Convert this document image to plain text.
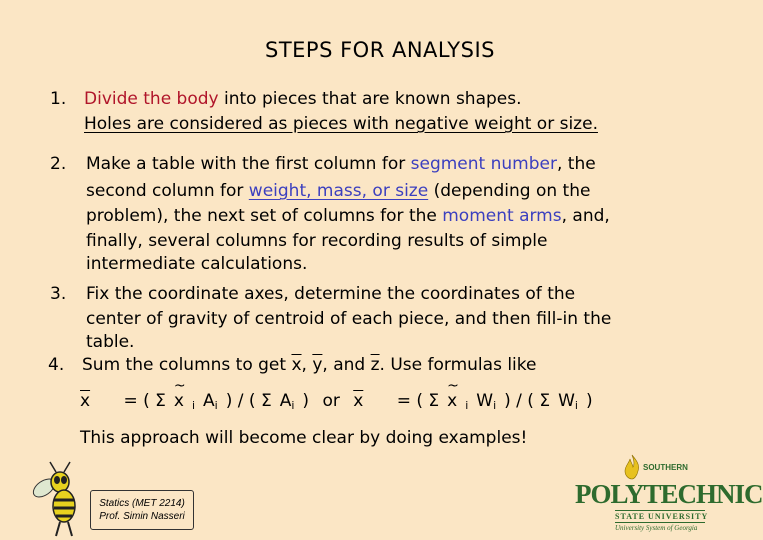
STEPS FOR ANALYSIS
1. Divide the body into pieces that are known shapes.
Holes are considered as pieces with negative weight or size.
2. Make a table with the first column for segment number, the
second column for weight, mass, or size (depending on the
problem), the next set of columns for the moment arms, and,
finally, several columns for recording results of simple
intermediate calculations.
3. Fix the coordinate axes, determine the coordinates of the
center of gravity of centroid of each piece, and then fill-in the
table.
4. Sum the columns to get $\overline{x}$, $\overline{y}$, and $\overline{z}$. Use formulas like
$\overline{x}$ = ( Σ ~ x $_i$ $A_i$ ) / ( Σ $A_i$ ) or $\overline{x}$ = ( Σ ~ x $_i$ $W_i$ ) / ( Σ $W_i$ )
This approach will become clear by doing examples!
Statics (MET 2214)
Prof. Simin Nasseri
SOUTHERN
POLYTECHNIC
STATE UNIVERSITY
University System of Georgia
